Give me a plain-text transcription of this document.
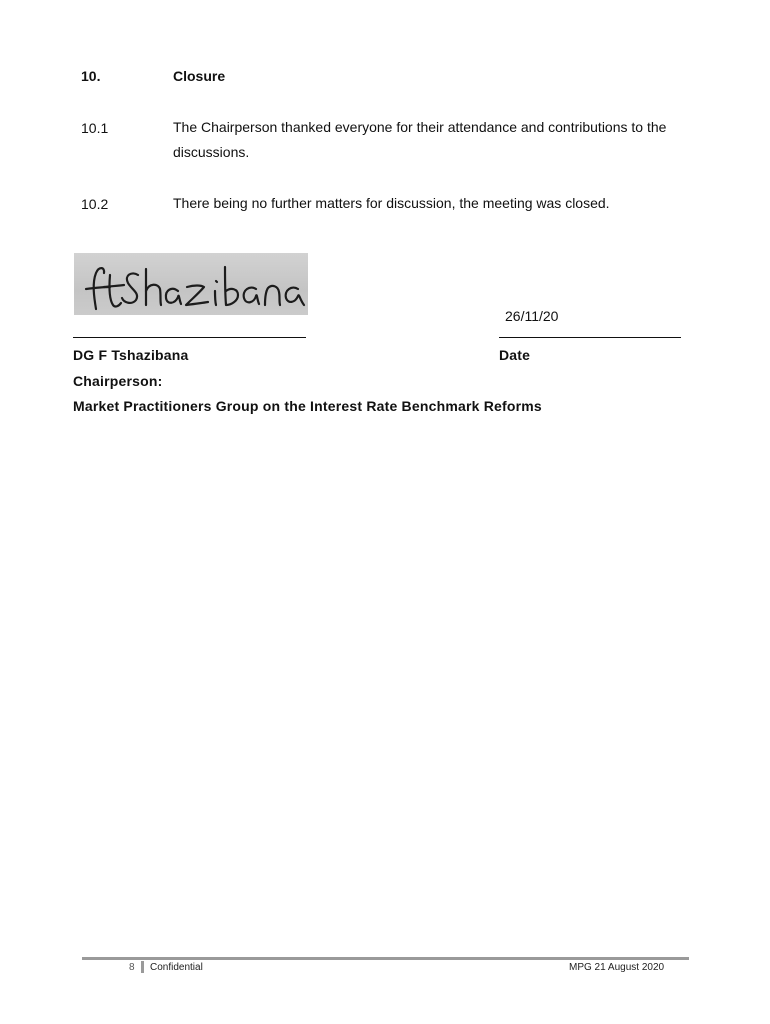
10.	Closure
10.1	The Chairperson thanked everyone for their attendance and contributions to the discussions.
10.2	There being no further matters for discussion, the meeting was closed.
26/11/20
DG F Tshazibana	Date
Chairperson:
Market Practitioners Group on the Interest Rate Benchmark Reforms
8 Confidential	MPG 21 August 2020
